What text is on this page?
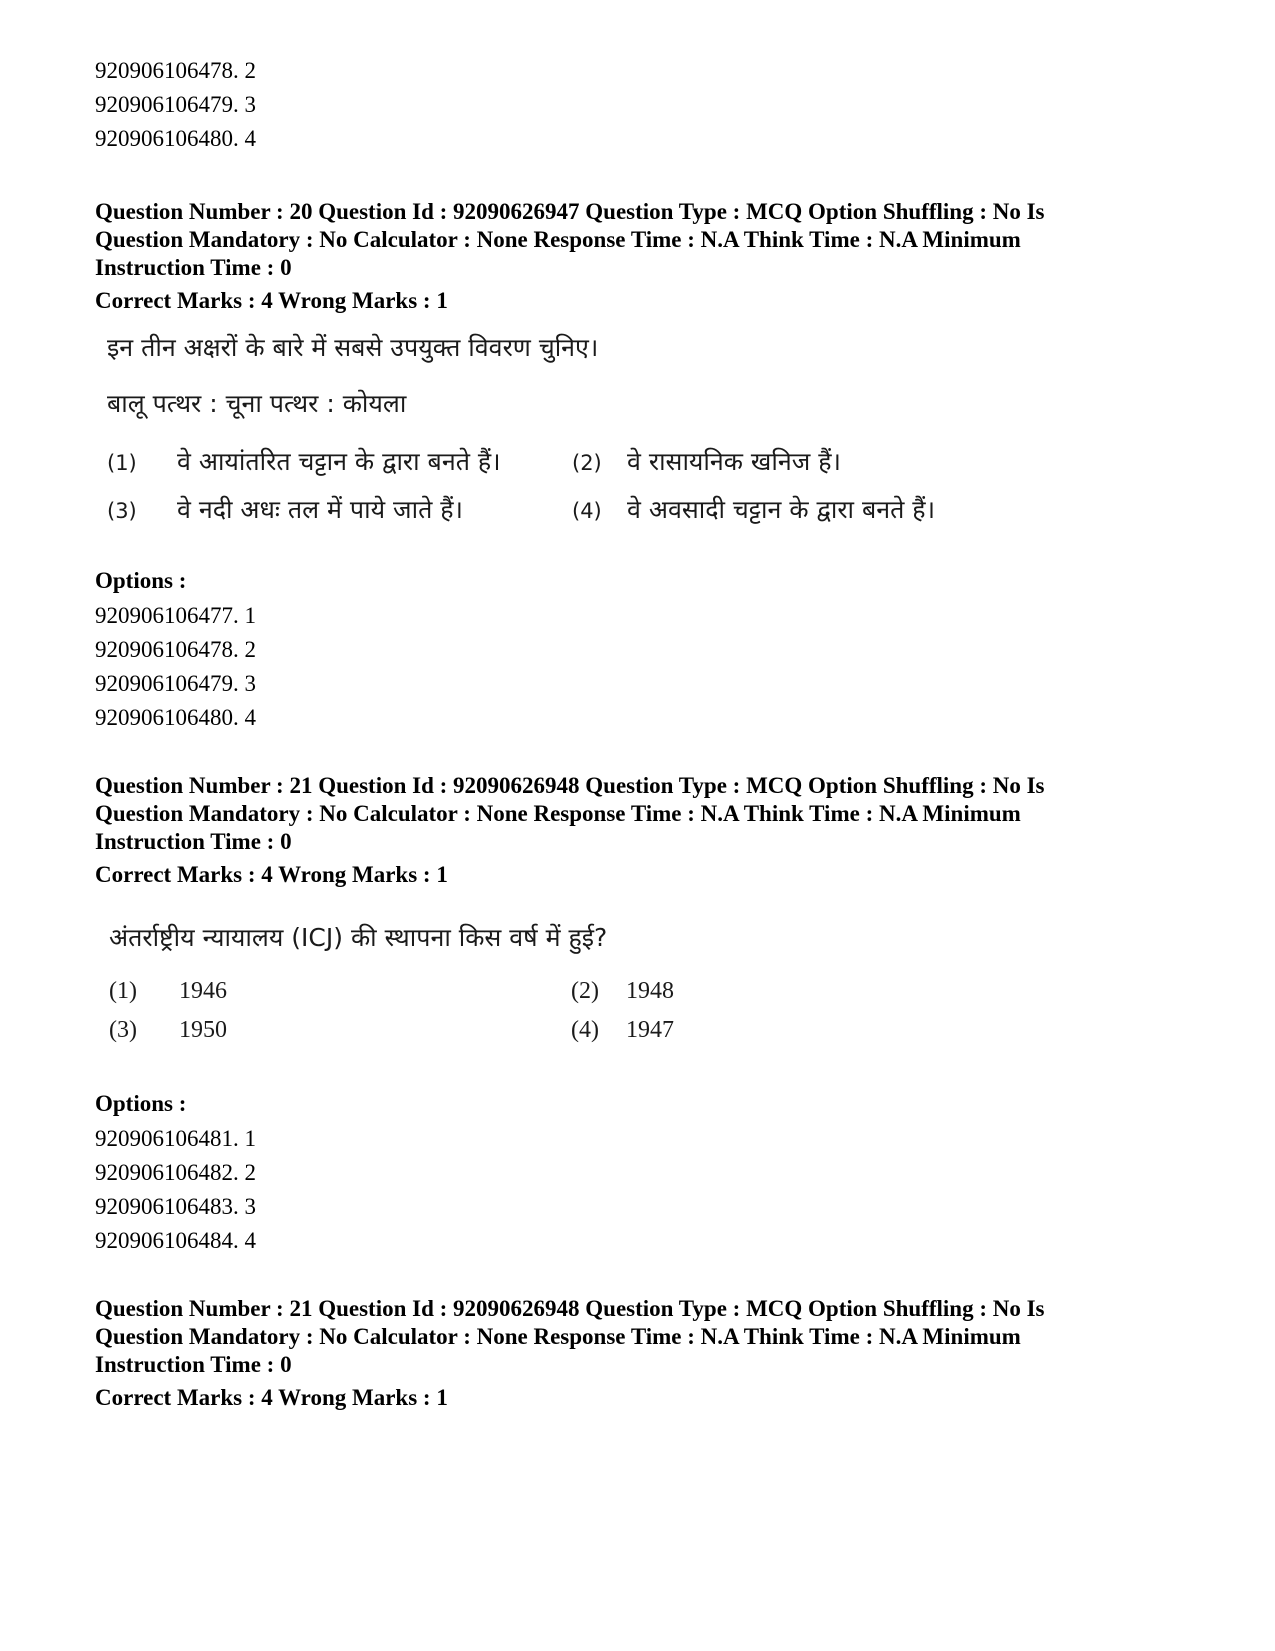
920906106478. 2
920906106479. 3
920906106480. 4
Question Number : 20 Question Id : 92090626947 Question Type : MCQ Option Shuffling : No Is Question Mandatory : No Calculator : None Response Time : N.A Think Time : N.A Minimum Instruction Time : 0
Correct Marks : 4 Wrong Marks : 1
इन तीन अक्षरों के बारे में सबसे उपयुक्त विवरण चुनिए।
बालू पत्थर : चूना पत्थर : कोयला
(1) वे आयांतरित चट्टान के द्वारा बनते हैं।	(2) वे रासायनिक खनिज हैं।
(3) वे नदी अधः तल में पाये जाते हैं।	(4) वे अवसादी चट्टान के द्वारा बनते हैं।
Options :
920906106477. 1
920906106478. 2
920906106479. 3
920906106480. 4
Question Number : 21 Question Id : 92090626948 Question Type : MCQ Option Shuffling : No Is Question Mandatory : No Calculator : None Response Time : N.A Think Time : N.A Minimum Instruction Time : 0
Correct Marks : 4 Wrong Marks : 1
अंतर्राष्ट्रीय न्यायालय (ICJ) की स्थापना किस वर्ष में हुई?
(1) 1946	(2) 1948
(3) 1950	(4) 1947
Options :
920906106481. 1
920906106482. 2
920906106483. 3
920906106484. 4
Question Number : 21 Question Id : 92090626948 Question Type : MCQ Option Shuffling : No Is Question Mandatory : No Calculator : None Response Time : N.A Think Time : N.A Minimum Instruction Time : 0
Correct Marks : 4 Wrong Marks : 1
